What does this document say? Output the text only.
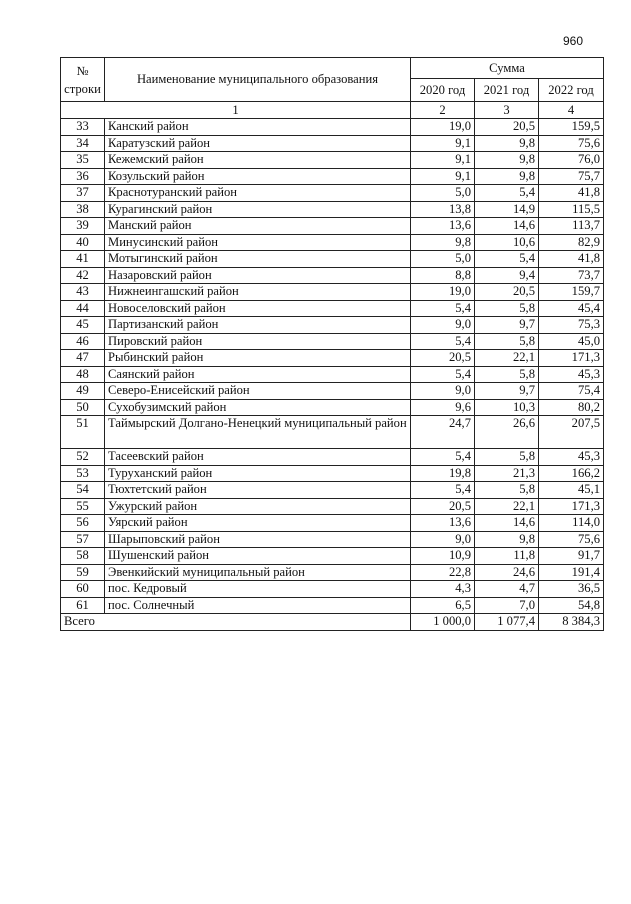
960
№ строки	Наименование муниципального образования	Сумма		
		2020 год	2021 год	2022 год
1		2	3	4
33	Канский район	19,0	20,5	159,5
34	Каратузский район	9,1	9,8	75,6
35	Кежемский район	9,1	9,8	76,0
36	Козульский район	9,1	9,8	75,7
37	Краснотуранский район	5,0	5,4	41,8
38	Курагинский район	13,8	14,9	115,5
39	Манский район	13,6	14,6	113,7
40	Минусинский район	9,8	10,6	82,9
41	Мотыгинский район	5,0	5,4	41,8
42	Назаровский район	8,8	9,4	73,7
43	Нижнеингашский район	19,0	20,5	159,7
44	Новоселовский район	5,4	5,8	45,4
45	Партизанский район	9,0	9,7	75,3
46	Пировский район	5,4	5,8	45,0
47	Рыбинский район	20,5	22,1	171,3
48	Саянский район	5,4	5,8	45,3
49	Северо-Енисейский район	9,0	9,7	75,4
50	Сухобузимский район	9,6	10,3	80,2
51	Таймырский Долгано-Ненецкий муниципальный район	24,7	26,6	207,5
52	Тасеевский район	5,4	5,8	45,3
53	Туруханский район	19,8	21,3	166,2
54	Тюхтетский район	5,4	5,8	45,1
55	Ужурский район	20,5	22,1	171,3
56	Уярский район	13,6	14,6	114,0
57	Шарыповский район	9,0	9,8	75,6
58	Шушенский район	10,9	11,8	91,7
59	Эвенкийский муниципальный район	22,8	24,6	191,4
60	пос. Кедровый	4,3	4,7	36,5
61	пос. Солнечный	6,5	7,0	54,8
Всего		1 000,0	1 077,4	8 384,3
